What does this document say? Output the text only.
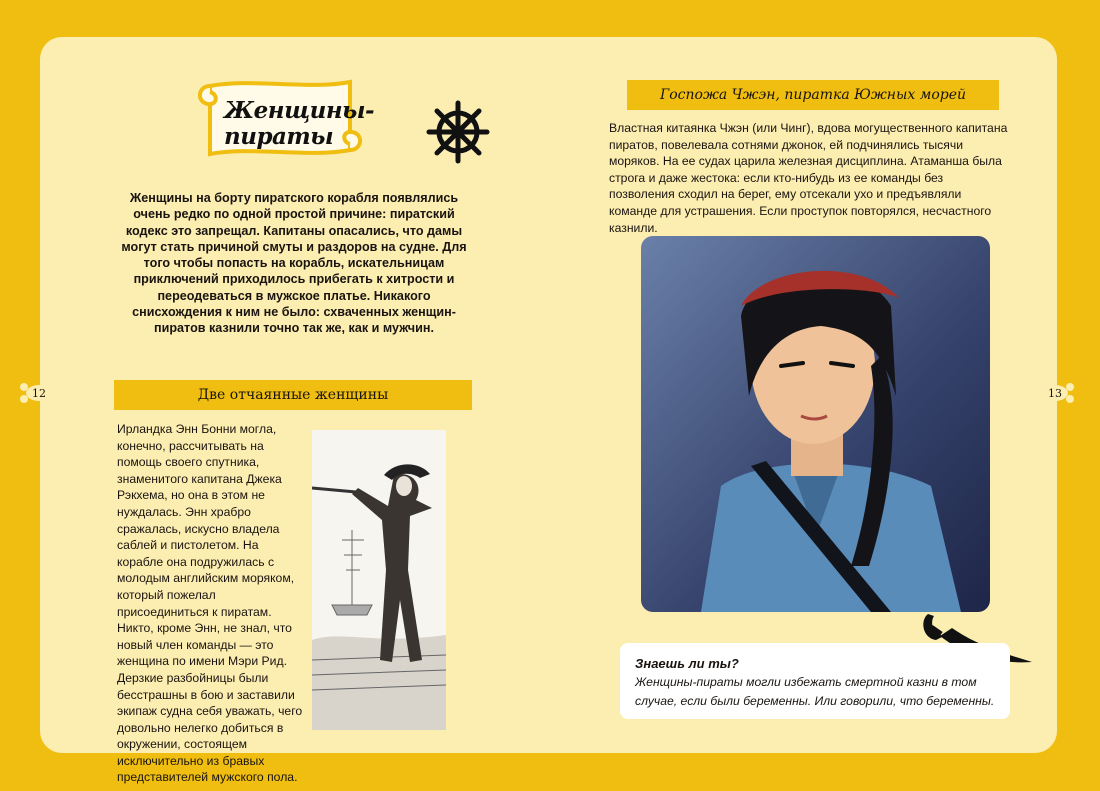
Женщины-
пираты
Женщины на борту пиратского корабля появлялись очень редко по одной простой причине: пиратский кодекс это запрещал. Капитаны опасались, что дамы могут стать причиной смуты и раздоров на судне. Для того чтобы попасть на корабль, искательницам приключений приходилось прибегать к хитрости и переодеваться в мужское платье. Никакого снисхождения к ним не было: схваченных женщин-пиратов казнили точно так же, как и мужчин.
Две отчаянные женщины
Ирландка Энн Бонни могла, конечно, рассчитывать на помощь своего спутника, знаменитого капитана Джека Рэкхема, но она в этом не нуждалась. Энн храбро сражалась, искусно владела саблей и пистолетом. На корабле она подружилась с молодым английским моряком, который пожелал присоединиться к пиратам. Никто, кроме Энн, не знал, что новый член команды — это женщина по имени Мэри Рид. Дерзкие разбойницы были бесстрашны в бою и заставили экипаж судна себя уважать, чего довольно нелегко добиться в окружении, состоящем исключительно из бравых представителей мужского пола.
Госпожа Чжэн, пиратка Южных морей
Властная китаянка Чжэн (или Чинг), вдова могущественного капитана пиратов, повелевала сотнями джонок, ей подчинялись тысячи моряков. На ее судах царила железная дисциплина. Атаманша была строга и даже жестока: если кто-нибудь из ее команды без позволения сходил на берег, ему отсекали ухо и предъявляли команде для устрашения. Если проступок повторялся, несчастного казнили.
Знаешь ли ты?
Женщины-пираты могли избежать смертной казни в том случае, если были беременны. Или говорили, что беременны.
12	13
